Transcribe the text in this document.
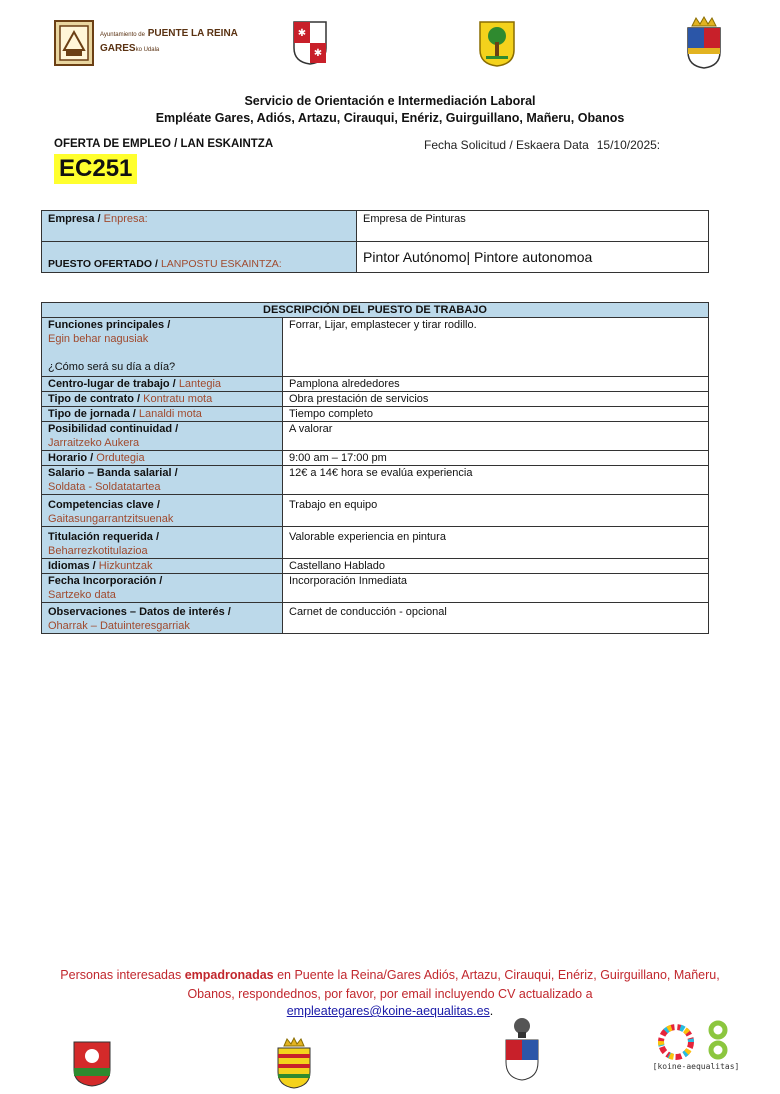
Ayuntamiento de PUENTE LA REINA
GARESko Udala
✱
✱
Servicio de Orientación e Intermediación Laboral
Empléate Gares, Adiós, Artazu, Cirauqui, Enériz, Guirguillano, Mañeru, Obanos
OFERTA DE EMPLEO / LAN ESKAINTZA	Fecha Solicitud / Eskaera Data 15/10/2025:
EC251
Empresa / Enpresa:	Empresa de Pinturas
PUESTO OFERTADO / LANPOSTU ESKAINTZA:	Pintor Autónomo| Pintore autonomoa
DESCRIPCIÓN DEL PUESTO DE TRABAJO	

Funciones principales /
Egin behar nagusiak
¿Cómo será su día a día?	Forrar, Lijar, emplastecer y tirar rodillo.
Centro-lugar de trabajo / Lantegia	Pamplona alrededores
Tipo de contrato / Kontratu mota	Obra prestación de servicios
Tipo de jornada / Lanaldi mota	Tiempo completo

Posibilidad continuidad /
Jarraitzeko Aukera	A valorar
Horario / Ordutegia	9:00 am – 17:00 pm

Salario – Banda salarial /
Soldata - Soldatatartea	12€ a 14€ hora se evalúa experiencia

Competencias clave /
Gaitasungarrantzitsuenak	Trabajo en equipo

Titulación requerida /
Beharrezkotitulazioa	Valorable experiencia en pintura
Idiomas / Hizkuntzak	Castellano Hablado

Fecha Incorporación /
Sartzeko data	Incorporación Inmediata

Observaciones – Datos de interés /
Oharrak – Datuinteresgarriak	Carnet de conducción - opcional
Personas interesadas empadronadas en Puente la Reina/Gares Adiós, Artazu, Cirauqui, Enériz, Guirguillano, Mañeru, Obanos, respondednos, por favor, por email incluyendo CV actualizado a
empleategares@koine-aequalitas.es.
[koine-aequalitas]
